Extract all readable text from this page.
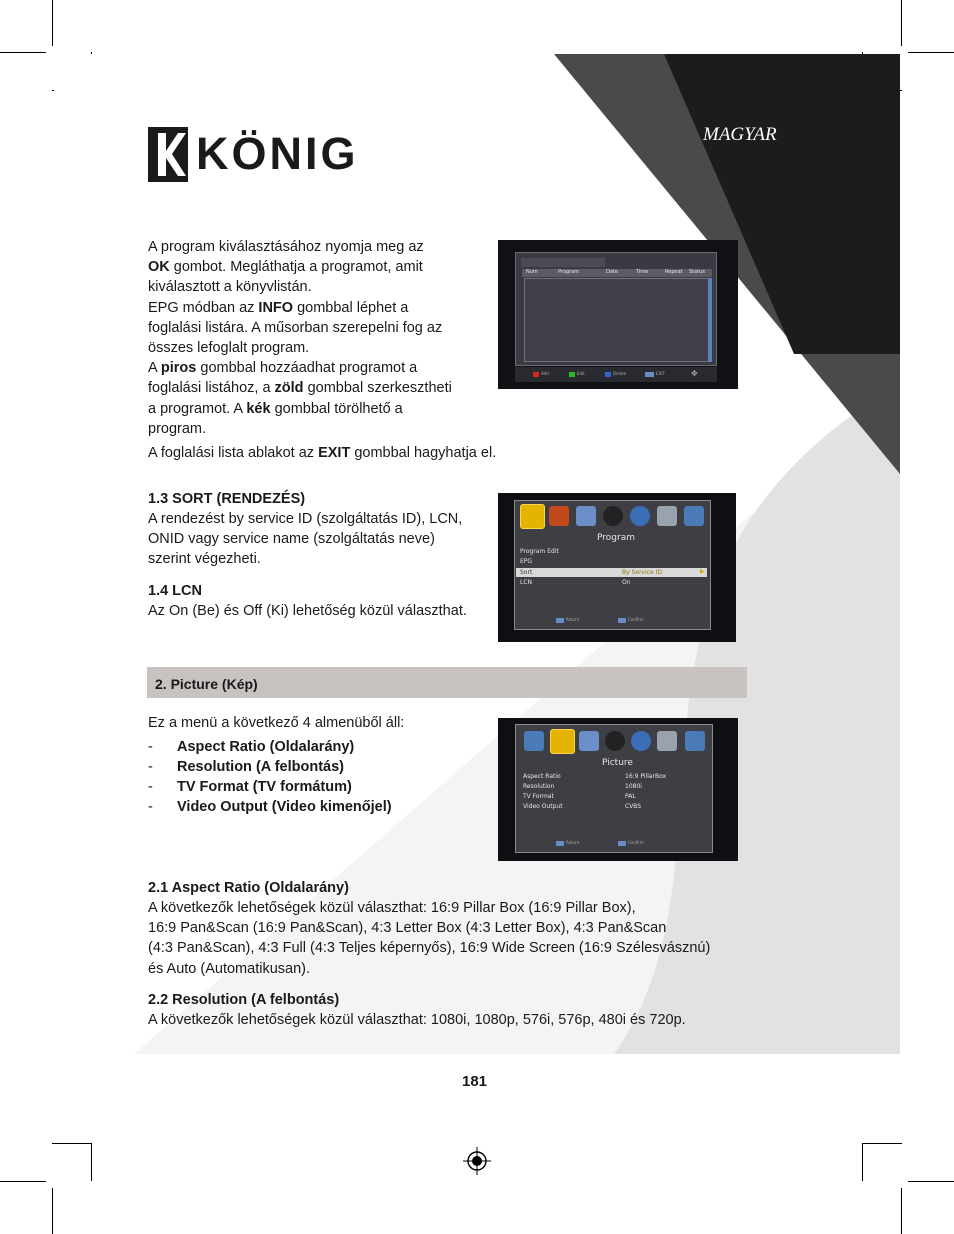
KÖNIG	MAGYAR
A program kiválasztásához nyomja meg az
OK gombot. Megláthatja a programot, amit
kiválasztott a könyvlistán.
EPG módban az INFO gombbal léphet a
foglalási listára. A műsorban szerepelni fog az
összes lefoglalt program.
A piros gombbal hozzáadhat programot a
foglalási listához, a zöld gombbal szerkesztheti
a programot. A kék gombbal törölhető a
program.
A foglalási lista ablakot az EXIT gombbal hagyhatja el.
Num	Program	Date	Time	Repeat Status
Add	Edit	Delete	EXIT	✥
1.3 SORT (RENDEZÉS)
A rendezést by service ID (szolgáltatás ID), LCN,
ONID vagy service name (szolgáltatás neve)
szerint végezheti.
1.4 LCN
Az On (Be) és Off (Ki) lehetőség közül választhat.
Program
Program Edit
EPG
Sort	By Service ID	▶
LCN	On
Return	Confirm
2. Picture (Kép)
Ez a menü a következő 4 almenüből áll:
- Aspect Ratio (Oldalarány)
- Resolution (A felbontás)
- TV Format (TV formátum)
- Video Output (Video kimenőjel)
Picture
Aspect Ratio	16:9 PillarBox
Resolution	1080i
TV Format	PAL
Video Output	CVBS
Return	Confirm
2.1 Aspect Ratio (Oldalarány)
A következők lehetőségek közül választhat: 16:9 Pillar Box (16:9 Pillar Box),
16:9 Pan&Scan (16:9 Pan&Scan), 4:3 Letter Box (4:3 Letter Box), 4:3 Pan&Scan
(4:3 Pan&Scan), 4:3 Full (4:3 Teljes képernyős), 16:9 Wide Screen (16:9 Szélesvásznú)
és Auto (Automatikusan).
2.2 Resolution (A felbontás)
A következők lehetőségek közül választhat: 1080i, 1080p, 576i, 576p, 480i és 720p.
181
